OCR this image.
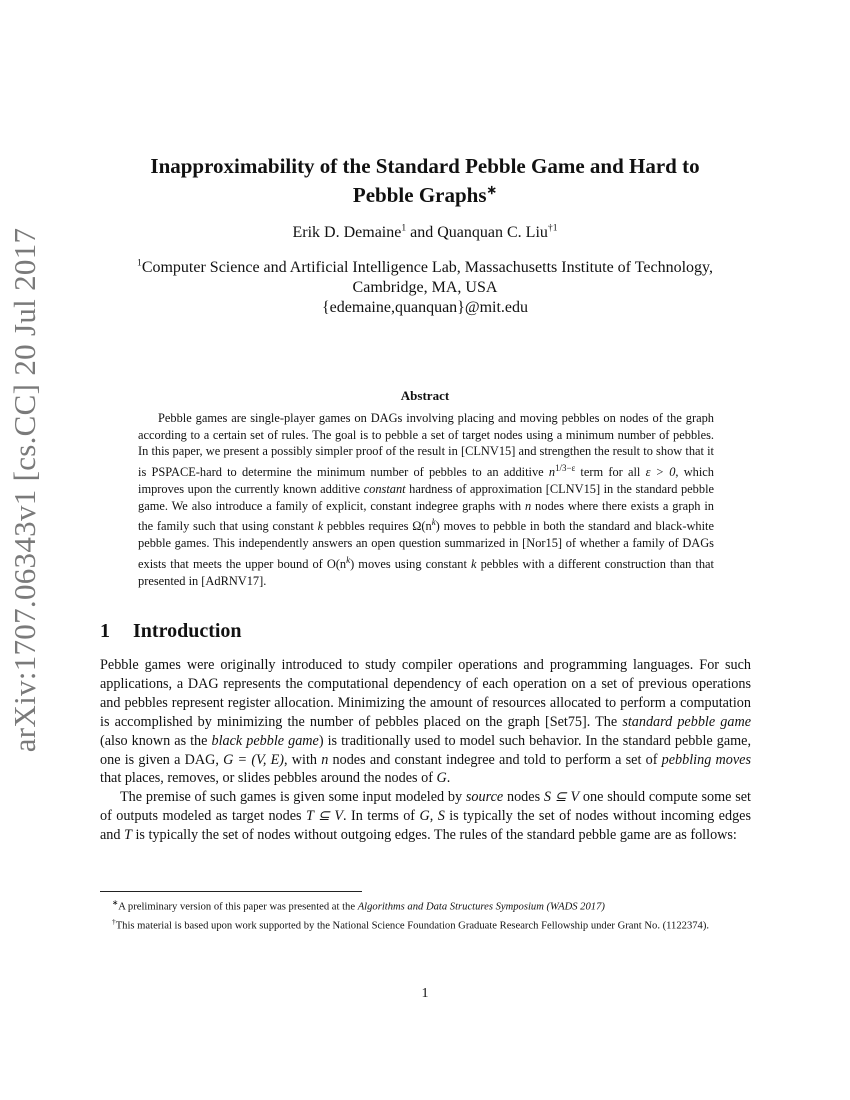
arXiv:1707.06343v1 [cs.CC] 20 Jul 2017
Inapproximability of the Standard Pebble Game and Hard to
Pebble Graphs∗
Erik D. Demaine$^1$ and Quanquan C. Liu$^{\dagger 1}$
$^1$Computer Science and Artificial Intelligence Lab, Massachusetts Institute of Technology,
Cambridge, MA, USA
{edemaine,quanquan}@mit.edu
Abstract

Pebble games are single-player games on DAGs involving placing and moving pebbles on nodes of the graph according to a certain set of rules. The goal is to pebble a set of target nodes using a minimum number of pebbles. In this paper, we present a possibly simpler proof of the result in [CLNV15] and strengthen the result to show that it is PSPACE-hard to determine the minimum number of pebbles to an additive $n^{1/3-\varepsilon}$ term for all ε > 0, which improves upon the currently known additive constant hardness of approximation [CLNV15] in the standard pebble game. We also introduce a family of explicit, constant indegree graphs with n nodes where there exists a graph in the family such that using constant k pebbles requires $\Omega(n^k)$ moves to pebble in both the standard and black-white pebble games. This independently answers an open question summarized in [Nor15] of whether a family of DAGs exists that meets the upper bound of $O(n^k)$ moves using constant k pebbles with a different construction than that presented in [AdRNV17].

1 Introduction

Pebble games were originally introduced to study compiler operations and programming languages. For such applications, a DAG represents the computational dependency of each operation on a set of previous operations and pebbles represent register allocation. Minimizing the amount of resources allocated to perform a computation is accomplished by minimizing the number of pebbles placed on the graph [Set75]. The standard pebble game (also known as the black pebble game) is traditionally used to model such behavior. In the standard pebble game, one is given a DAG, G = (V, E), with n nodes and constant indegree and told to perform a set of pebbling moves that places, removes, or slides pebbles around the nodes of G.

The premise of such games is given some input modeled by source nodes S ⊆ V one should compute some set of outputs modeled as target nodes T ⊆ V. In terms of G, S is typically the set of nodes without incoming edges and T is typically the set of nodes without outgoing edges. The rules of the standard pebble game are as follows:

∗A preliminary version of this paper was presented at the Algorithms and Data Structures Symposium (WADS 2017)

†This material is based upon work supported by the National Science Foundation Graduate Research Fellowship under Grant No. (1122374).

1
